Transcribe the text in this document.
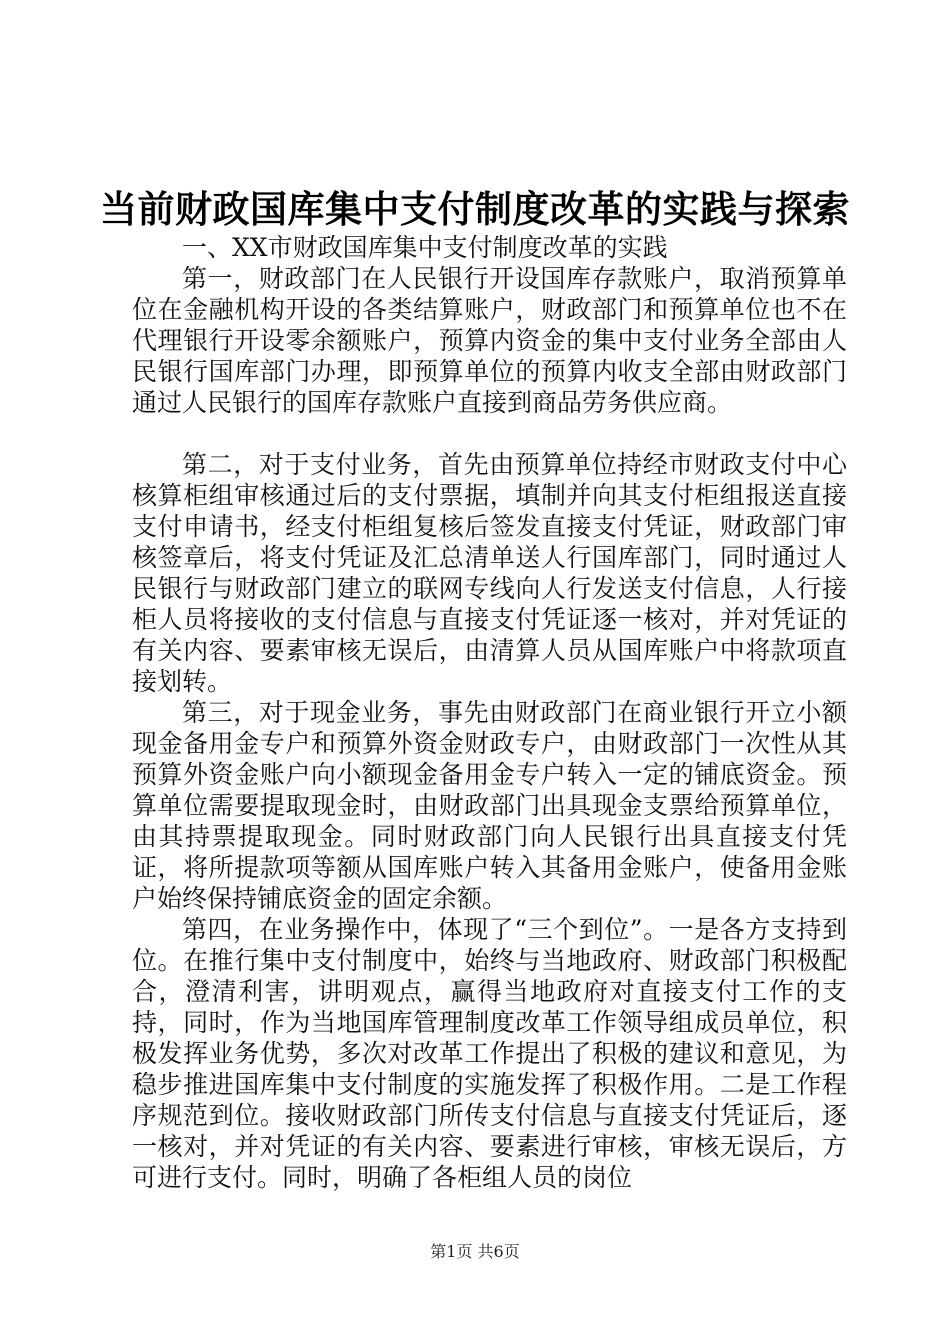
当前财政国库集中支付制度改革的实践与探索

一、XX市财政国库集中支付制度改革的实践

第一，财政部门在人民银行开设国库存款账户，取消预算单位在金融机构开设的各类结算账户，财政部门和预算单位也不在代理银行开设零余额账户，预算内资金的集中支付业务全部由人民银行国库部门办理，即预算单位的预算内收支全部由财政部门通过人民银行的国库存款账户直接到商品劳务供应商。

第二，对于支付业务，首先由预算单位持经市财政支付中心核算柜组审核通过后的支付票据，填制并向其支付柜组报送直接支付申请书，经支付柜组复核后签发直接支付凭证，财政部门审核签章后，将支付凭证及汇总清单送人行国库部门，同时通过人民银行与财政部门建立的联网专线向人行发送支付信息，人行接柜人员将接收的支付信息与直接支付凭证逐一核对，并对凭证的有关内容、要素审核无误后，由清算人员从国库账户中将款项直接划转。

第三，对于现金业务，事先由财政部门在商业银行开立小额现金备用金专户和预算外资金财政专户，由财政部门一次性从其预算外资金账户向小额现金备用金专户转入一定的铺底资金。预算单位需要提取现金时，由财政部门出具现金支票给预算单位，由其持票提取现金。同时财政部门向人民银行出具直接支付凭证，将所提款项等额从国库账户转入其备用金账户，使备用金账户始终保持铺底资金的固定余额。

第四，在业务操作中，体现了“三个到位”。一是各方支持到位。在推行集中支付制度中，始终与当地政府、财政部门积极配合，澄清利害，讲明观点，赢得当地政府对直接支付工作的支持，同时，作为当地国库管理制度改革工作领导组成员单位，积极发挥业务优势，多次对改革工作提出了积极的建议和意见，为稳步推进国库集中支付制度的实施发挥了积极作用。二是工作程序规范到位。接收财政部门所传支付信息与直接支付凭证后，逐一核对，并对凭证的有关内容、要素进行审核，审核无误后，方可进行支付。同时，明确了各柜组人员的岗位

第1页 共6页
